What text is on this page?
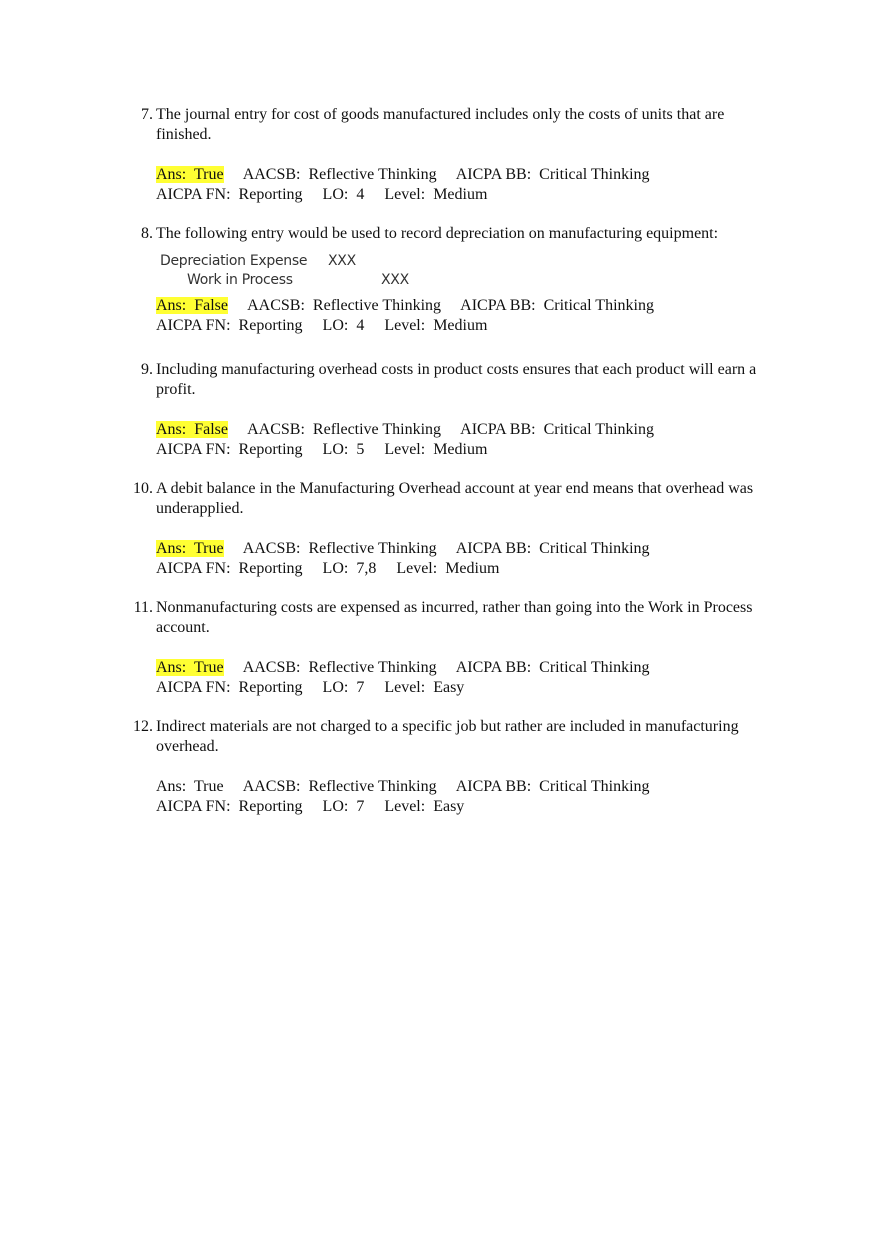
7. The journal entry for cost of goods manufactured includes only the costs of units that are finished.
Ans:  True     AACSB:  Reflective Thinking     AICPA BB:  Critical Thinking
AICPA FN:  Reporting     LO:  4     Level:  Medium
8. The following entry would be used to record depreciation on manufacturing equipment:
Depreciation Expense XXX
Work in Process	XXX
Ans:  False     AACSB:  Reflective Thinking     AICPA BB:  Critical Thinking
AICPA FN:  Reporting     LO:  4     Level:  Medium
9. Including manufacturing overhead costs in product costs ensures that each product will earn a profit.
Ans:  False     AACSB:  Reflective Thinking     AICPA BB:  Critical Thinking
AICPA FN:  Reporting     LO:  5     Level:  Medium
10. A debit balance in the Manufacturing Overhead account at year end means that overhead was underapplied.
Ans:  True     AACSB:  Reflective Thinking     AICPA BB:  Critical Thinking
AICPA FN:  Reporting     LO:  7,8     Level:  Medium
11. Nonmanufacturing costs are expensed as incurred, rather than going into the Work in Process account.
Ans:  True     AACSB:  Reflective Thinking     AICPA BB:  Critical Thinking
AICPA FN:  Reporting     LO:  7     Level:  Easy
12. Indirect materials are not charged to a specific job but rather are included in manufacturing overhead.
Ans:  True     AACSB:  Reflective Thinking     AICPA BB:  Critical Thinking
AICPA FN:  Reporting     LO:  7     Level:  Easy
